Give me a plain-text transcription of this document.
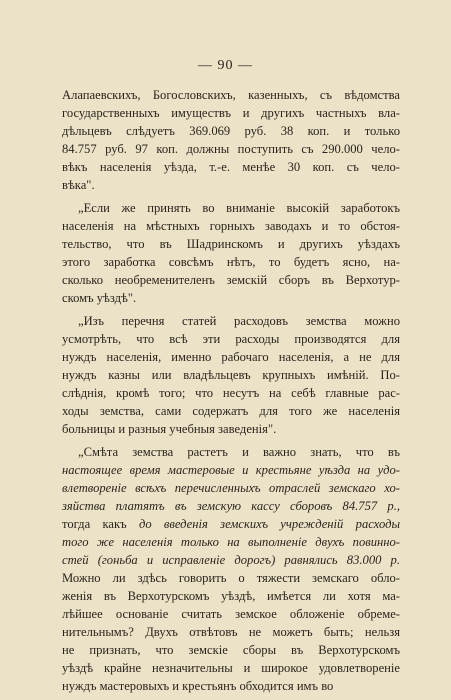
— 90 —
Алапаевскихъ, Богословскихъ, казенныхъ, съ вѣдомства
государственныхъ имуществъ и другихъ частныхъ вла-
дѣльцевъ слѣдуетъ 369.069 руб. 38 коп. и только
84.757 руб. 97 коп. должны поступить съ 290.000 чело-
вѣкъ населенія уѣзда, т.-е. менѣе 30 коп. съ чело-
вѣка".
„Если же принять во вниманіе высокій заработокъ
населенія на мѣстныхъ горныхъ заводахъ и то обстоя-
тельство, что въ Шадринскомъ и другихъ уѣздахъ
этого заработка совсѣмъ нѣтъ, то будетъ ясно, на-
сколько необременителенъ земскій сборъ въ Верхотур-
скомъ уѣздѣ".
„Изъ перечня статей расходовъ земства можно
усмотрѣть, что всѣ эти расходы производятся для
нуждъ населенія, именно рабочаго населенія, а не для
нуждъ казны или владѣльцевъ крупныхъ имѣній. По-
слѣднія, кромѣ того; что несутъ на себѣ главные рас-
ходы земства, сами содержатъ для того же населенія
больницы и разныя учебныя заведенія".
„Смѣта земства растетъ и важно знать, что въ
настоящее время мастеровые и крестьяне уѣзда на удо-
влетвореніе всѣхъ перечисленныхъ отраслей земскаго хо-
зяйства платятъ въ земскую кассу сборовъ 84.757 р.,
тогда какъ до введенія земскихъ учрежденій расходы
того же населенія только на выполненіе двухъ повинно-
стей (гоньба и исправленіе дорогъ) равнялись 83.000 р.
Можно ли здѣсь говорить о тяжести земскаго обло-
женія въ Верхотурскомъ уѣздѣ, имѣется ли хотя ма-
лѣйшее основаніе считать земское обложеніе обреме-
нительнымъ? Двухъ отвѣтовъ не можетъ быть; нельзя
не признать, что земскіе сборы въ Верхотурскомъ
уѣздѣ крайне незначительны и широкое удовлетвореніе
нуждъ мастеровыхъ и крестьянъ обходится имъ во
